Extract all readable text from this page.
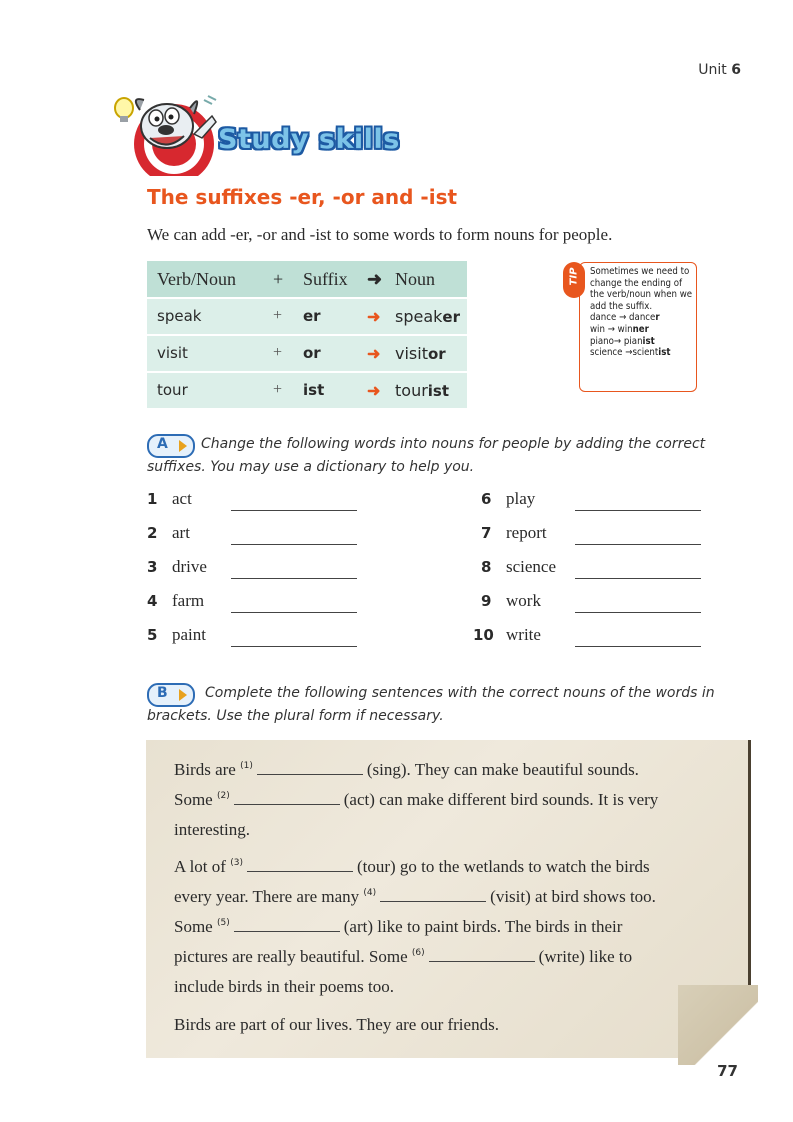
Unit 6
Study skills
The suffixes -er, -or and -ist
We can add -er, -or and -ist to some words to form nouns for people.
Verb/Noun + Suffix ➜ Noun
speak	+ er	➜ speaker
visit	+ or	➜ visitor
tour	+ ist	➜ tourist
Sometimes we need to
change the ending of
the verb/noun when we
add the suffix.
dance → dancer
win → winner
piano→ pianist
science →scientist
TIP
A Change the following words into nouns for people by adding the correct
suffixes. You may use a dictionary to help you.
1 act
2 art
3 drive
4 farm
5 paint
6 play
7 report
8 science
9 work
10 write
B	Complete the following sentences with the correct nouns of the words in
brackets. Use the plural form if necessary.
Birds are $^{(1)}$	(sing). They can make beautiful sounds.
Some $^{(2)}$	(act) can make different bird sounds. It is very
interesting.
A lot of $^{(3)}$	(tour) go to the wetlands to watch the birds
every year. There are many $^{(4)}$	(visit) at bird shows too.
Some $^{(5)}$	(art) like to paint birds. The birds in their
pictures are really beautiful. Some $^{(6)}$	(write) like to
include birds in their poems too.
Birds are part of our lives. They are our friends.
77
